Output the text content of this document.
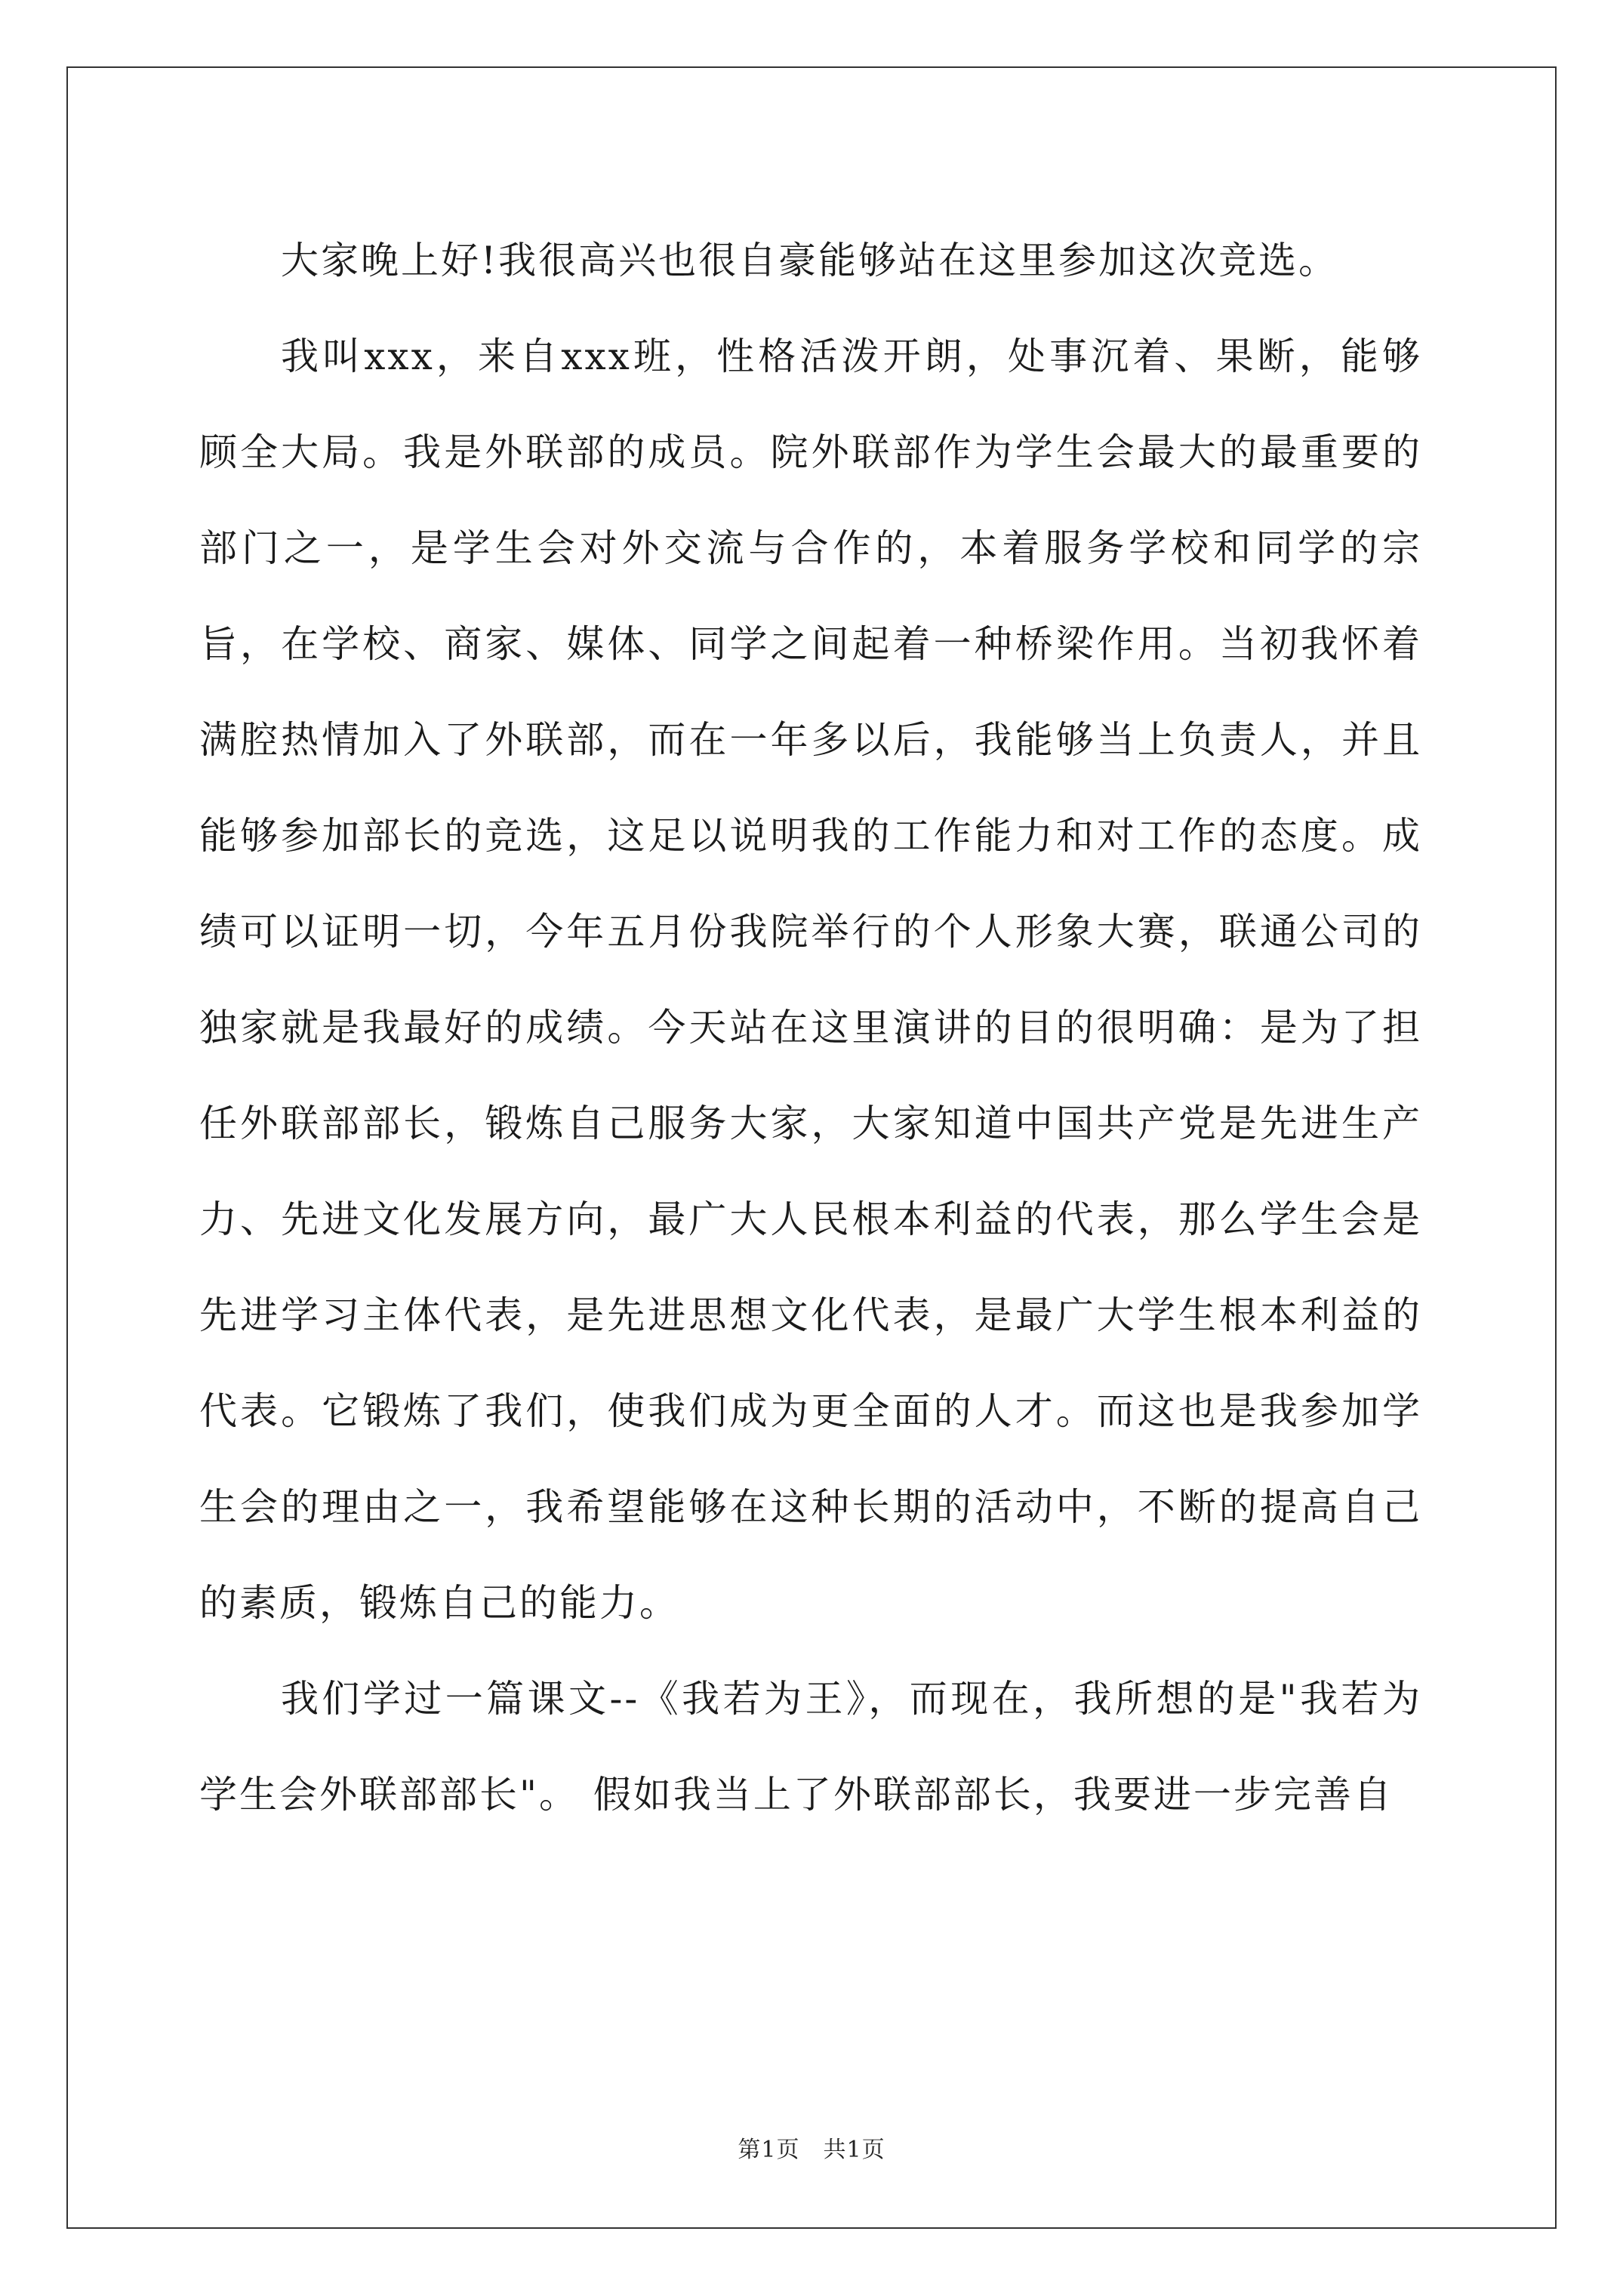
大家晚上好!我很高兴也很自豪能够站在这里参加这次竞选。

我叫xxx，来自xxx班，性格活泼开朗，处事沉着、果断，能够顾全大局。我是外联部的成员。院外联部作为学生会最大的最重要的部门之一，是学生会对外交流与合作的，本着服务学校和同学的宗旨，在学校、商家、媒体、同学之间起着一种桥梁作用。当初我怀着满腔热情加入了外联部，而在一年多以后，我能够当上负责人，并且能够参加部长的竞选，这足以说明我的工作能力和对工作的态度。成绩可以证明一切，今年五月份我院举行的个人形象大赛，联通公司的独家就是我最好的成绩。今天站在这里演讲的目的很明确：是为了担任外联部部长，锻炼自己服务大家，大家知道中国共产党是先进生产力、先进文化发展方向，最广大人民根本利益的代表，那么学生会是先进学习主体代表，是先进思想文化代表，是最广大学生根本利益的代表。它锻炼了我们，使我们成为更全面的人才。而这也是我参加学生会的理由之一，我希望能够在这种长期的活动中，不断的提高自己的素质，锻炼自己的能力。

我们学过一篇课文--《我若为王》，而现在，我所想的是"我若为学生会外联部部长"。 假如我当上了外联部部长，我要进一步完善自

第1页　共1页
